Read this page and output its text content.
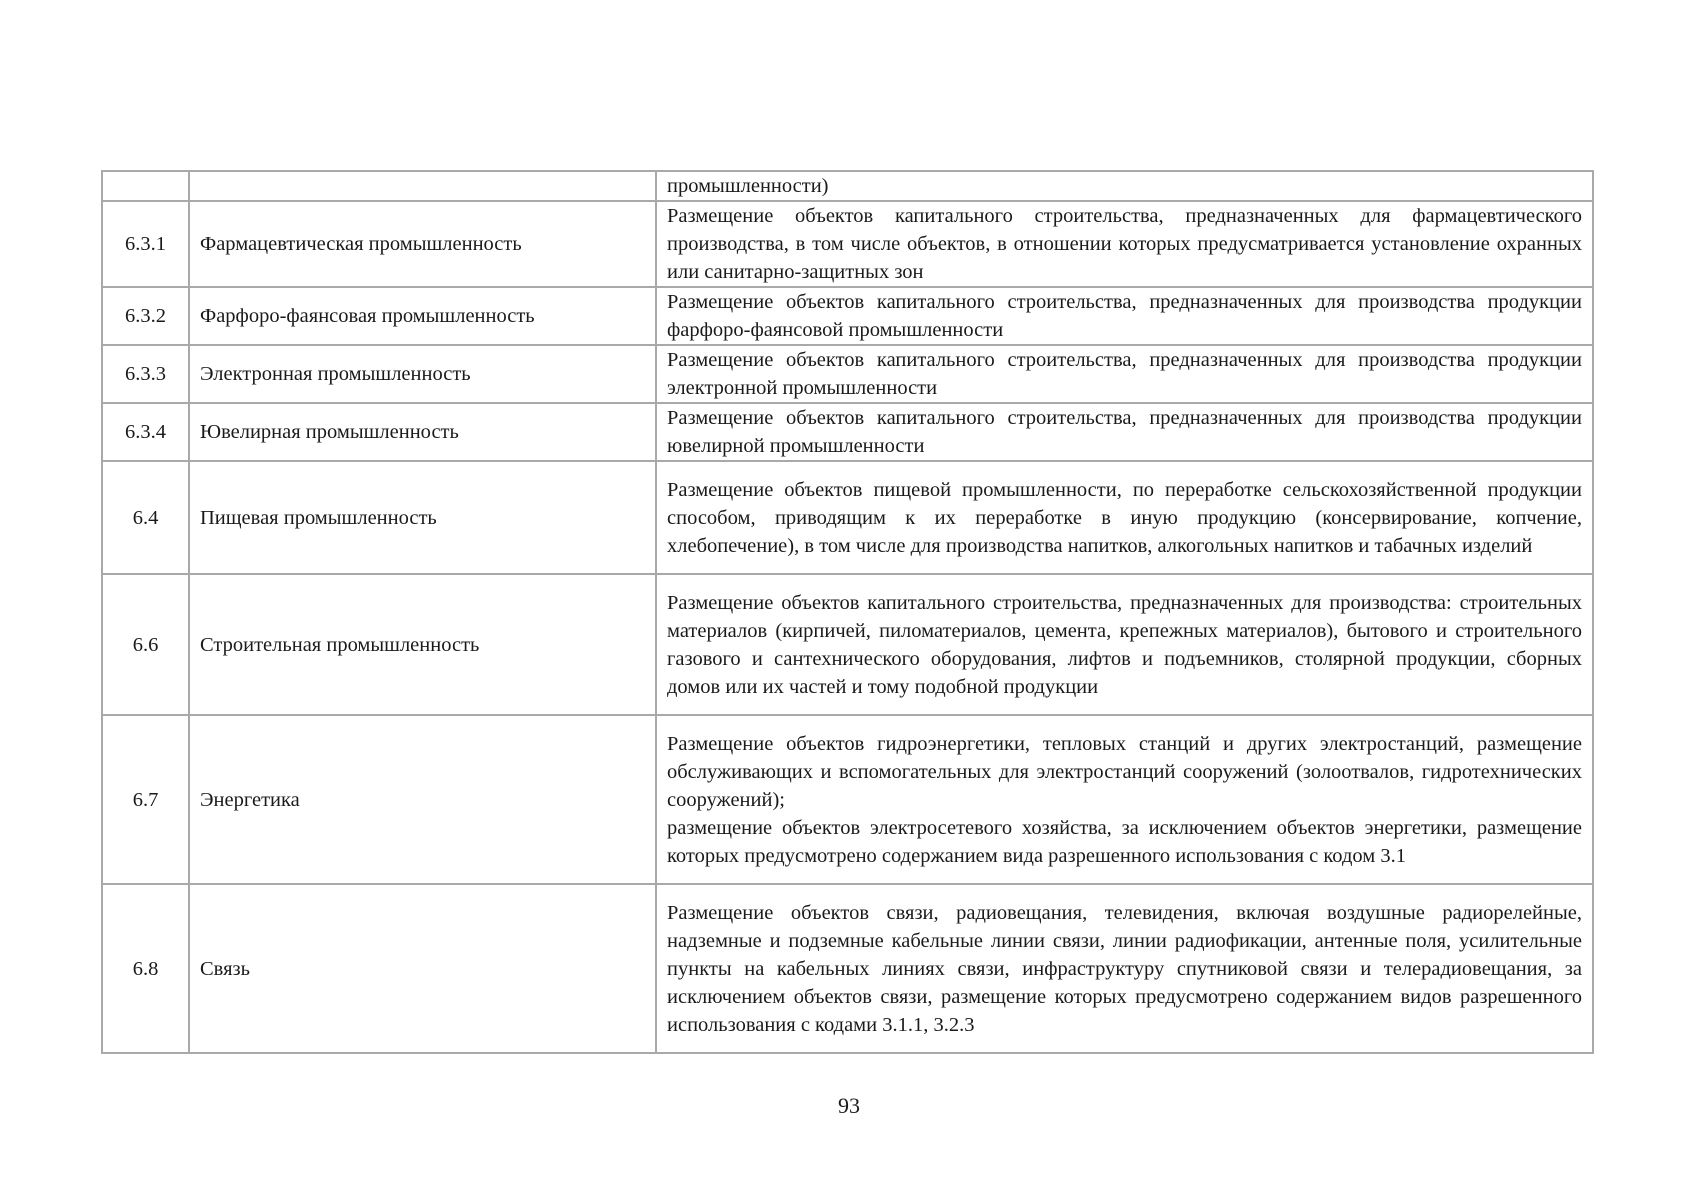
		промышленности)

6.3.1	Фармацевтическая промышленность	Размещение объектов капитального строительства, предназначенных для фармацевтического производства, в том числе объектов, в отношении которых предусматривается установление охранных или санитарно-защитных зон

6.3.2	Фарфоро-фаянсовая промышленность	Размещение объектов капитального строительства, предназначенных для производства продукции фарфоро-фаянсовой промышленности

6.3.3	Электронная промышленность	Размещение объектов капитального строительства, предназначенных для производства продукции электронной промышленности

6.3.4	Ювелирная промышленность	Размещение объектов капитального строительства, предназначенных для производства продукции ювелирной промышленности

6.4	Пищевая промышленность	Размещение объектов пищевой промышленности, по переработке сельскохозяйственной продукции способом, приводящим к их переработке в иную продукцию (консервирование, копчение, хлебопечение), в том числе для производства напитков, алкогольных напитков и табачных изделий

6.6	Строительная промышленность	Размещение объектов капитального строительства, предназначенных для производства: строительных материалов (кирпичей, пиломатериалов, цемента, крепежных материалов), бытового и строительного газового и сантехнического оборудования, лифтов и подъемников, столярной продукции, сборных домов или их частей и тому подобной продукции

6.7	Энергетика	Размещение объектов гидроэнергетики, тепловых станций и других электростанций, размещение обслуживающих и вспомогательных для электростанций сооружений (золоотвалов, гидротехнических сооружений);
размещение объектов электросетевого хозяйства, за исключением объектов энергетики, размещение которых предусмотрено содержанием вида разрешенного использования с кодом 3.1

6.8	Связь	Размещение объектов связи, радиовещания, телевидения, включая воздушные радиорелейные, надземные и подземные кабельные линии связи, линии радиофикации, антенные поля, усилительные пункты на кабельных линиях связи, инфраструктуру спутниковой связи и телерадиовещания, за исключением объектов связи, размещение которых предусмотрено содержанием видов разрешенного использования с кодами 3.1.1, 3.2.3
93
